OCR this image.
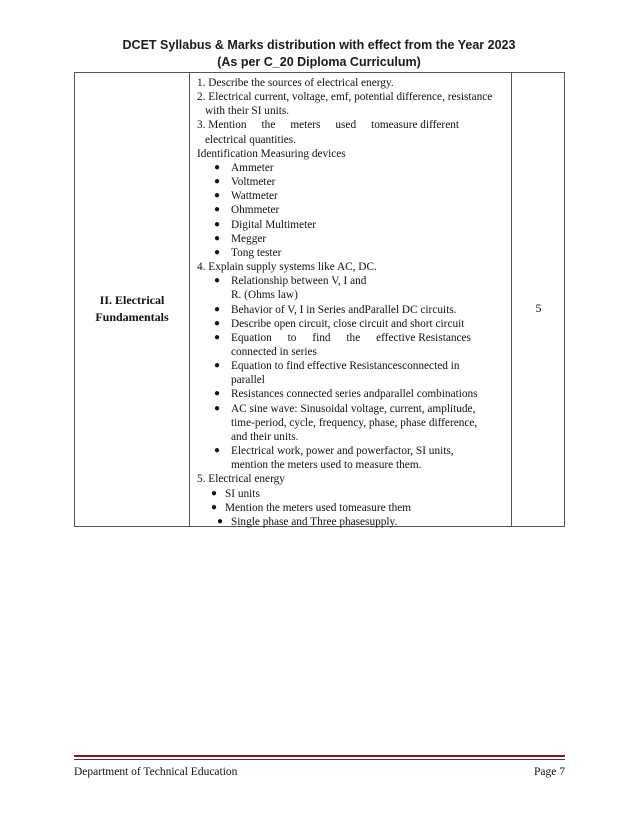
DCET Syllabus & Marks distribution with effect from the Year 2023
(As per C_20 Diploma Curriculum)
II. Electrical
Fundamentals
5
1. Describe the sources of electrical energy.
2. Electrical current, voltage, emf, potential difference, resistance
with their SI units.
3. Mention the meters used tomeasure different
electrical quantities.
Identification Measuring devices
● Ammeter
● Voltmeter
● Wattmeter
● Ohmmeter
● Digital Multimeter
● Megger
● Tong tester
4. Explain supply systems like AC, DC.
● Relationship between V, I and
R. (Ohms law)
● Behavior of V, I in Series andParallel DC circuits.
● Describe open circuit, close circuit and short circuit
● Equation to find the effective Resistances
connected in series
● Equation to find effective Resistancesconnected in
parallel
● Resistances connected series andparallel combinations
● AC sine wave: Sinusoidal voltage, current, amplitude,
time-period, cycle, frequency, phase, phase difference,
and their units.
● Electrical work, power and powerfactor, SI units,
mention the meters used to measure them.
5. Electrical energy
● SI units
● Mention the meters used tomeasure them
● Single phase and Three phasesupply.
Department of Technical Education	Page 7
